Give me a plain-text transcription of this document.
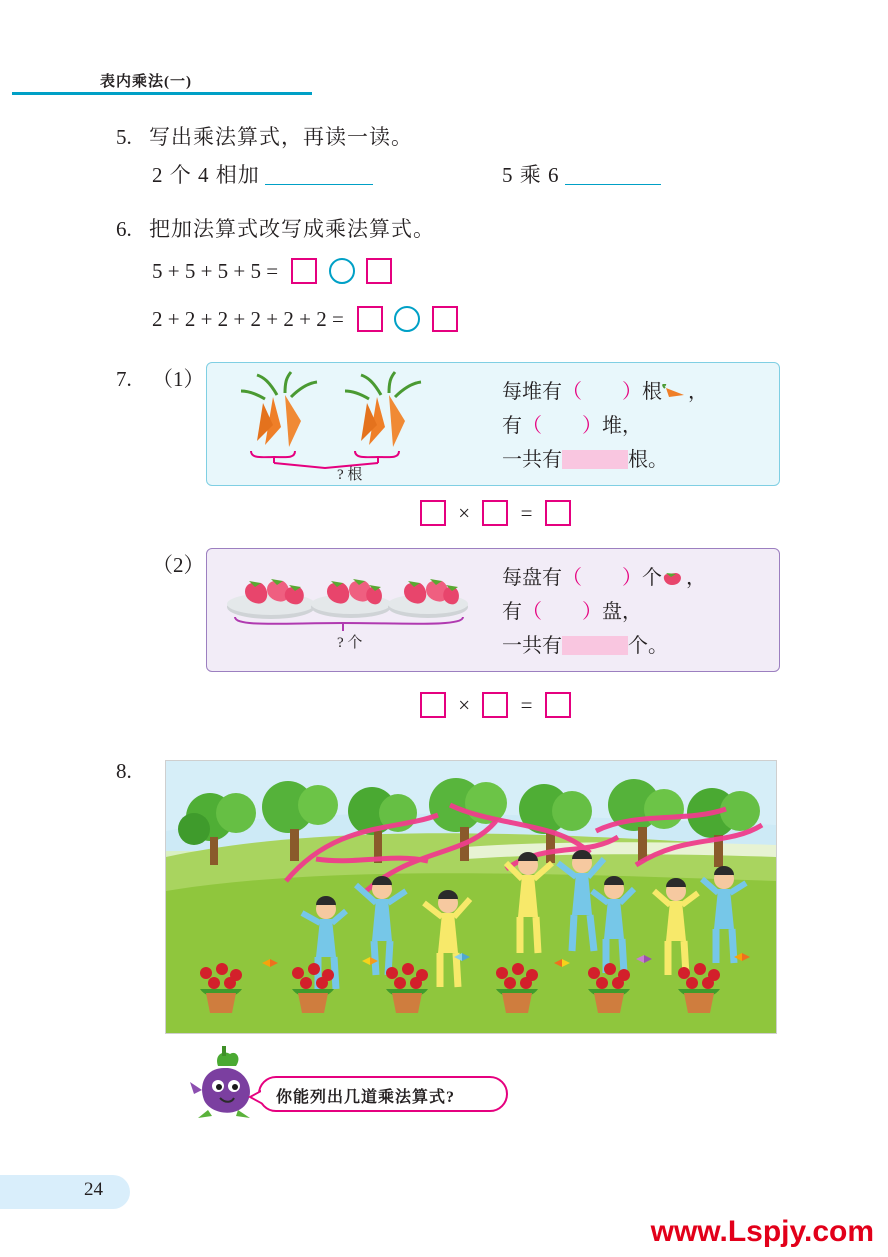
表内乘法(一)
5. 写出乘法算式，再读一读。
2 个 4 相加	5 乘 6
6. 把加法算式改写成乘法算式。
5 + 5 + 5 + 5 =
2 + 2 + 2 + 2 + 2 + 2 =
7. （1）
? 根
每堆有（　　）根 ，
有（　　）堆，
一共有	根。
× =
（2）
? 个
每盘有（　　）个 ，
有（　　）盘，
一共有	个。
× =
8.
你能列出几道乘法算式?
24
www.Lspjy.com
